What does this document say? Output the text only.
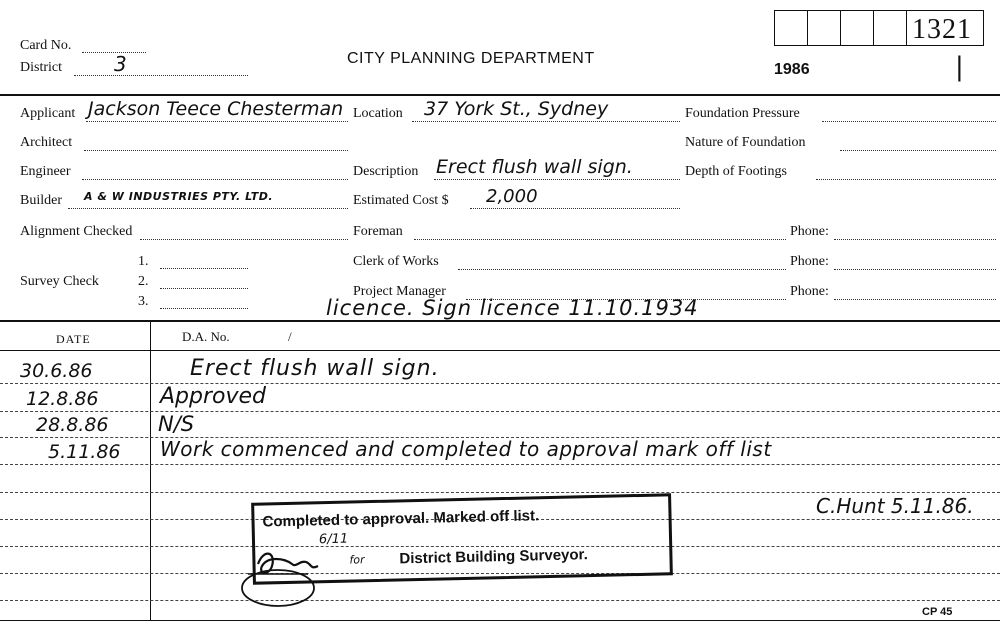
Card No.
District	3	CITY PLANNING DEPARTMENT
1986
1321
|
Applicant Jackson Teece Chesterman
Architect
Engineer
Builder A & W INDUSTRIES PTY. LTD.
Alignment Checked
Survey Check
1.
2.
3.
Location 37 York St., Sydney
Description Erect flush wall sign.
Estimated Cost $ 2,000
Foreman	Phone:
Clerk of Works	Phone:
Project Manager	Phone:
Foundation Pressure
Nature of Foundation
Depth of Footings
licence. Sign licence 11.10.1934
DATE	D.A. No.	/
30.6.86	Erect flush wall sign.
12.8.86	Approved
28.8.86 N/S
5.11.86 Work commenced and completed to approval mark off list
C.Hunt 5.11.86.
Completed to approval. Marked off list.
for
6/11
District Building Surveyor.
CP 45
